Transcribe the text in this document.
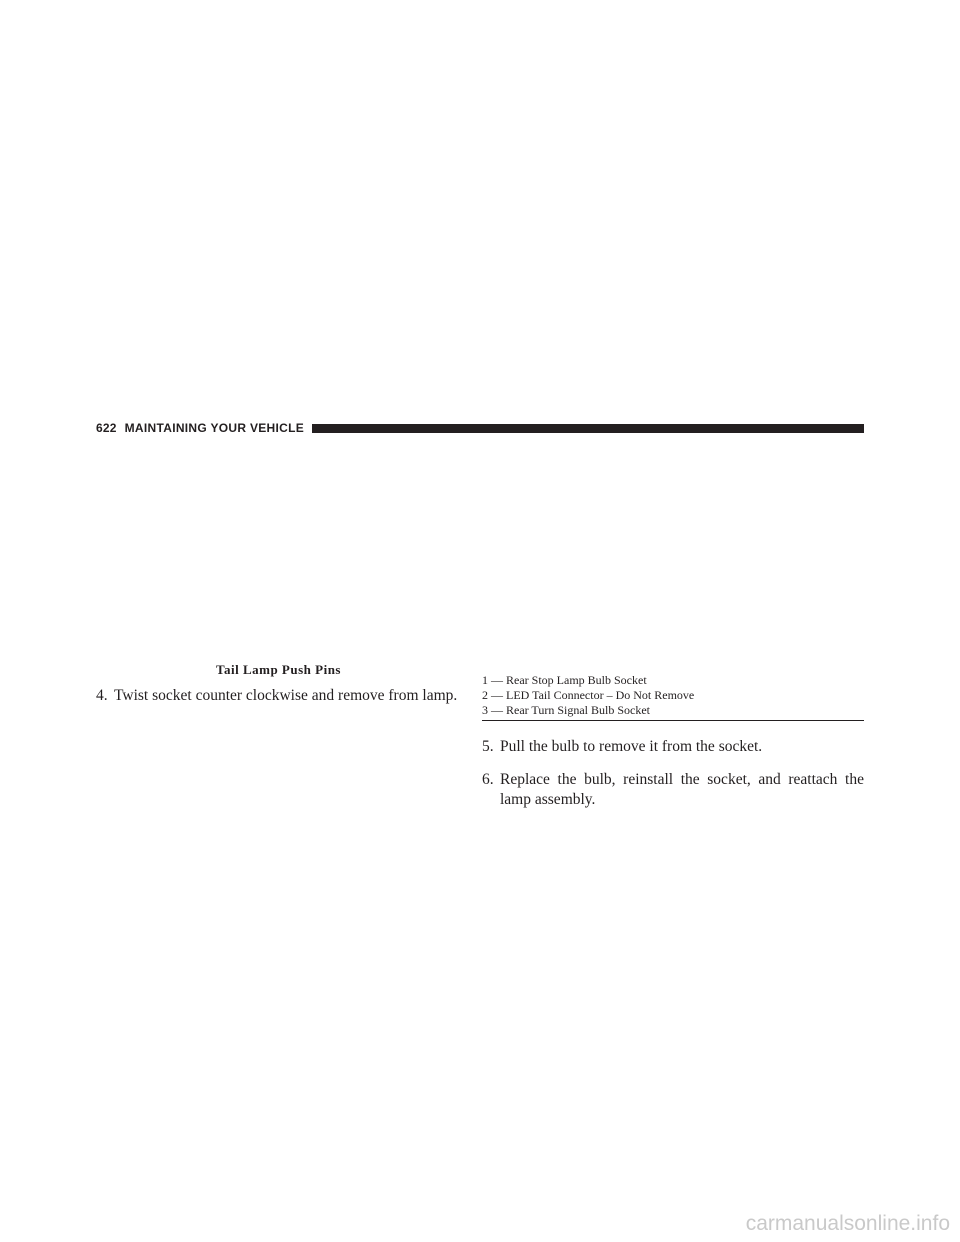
622 MAINTAINING YOUR VEHICLE
Tail Lamp Push Pins

4. Twist socket counter clockwise and remove from lamp.

1 — Rear Stop Lamp Bulb Socket
2 — LED Tail Connector – Do Not Remove
3 — Rear Turn Signal Bulb Socket

5. Pull the bulb to remove it from the socket.

6. Replace the bulb, reinstall the socket, and reattach the lamp assembly.

carmanualsonline.info
